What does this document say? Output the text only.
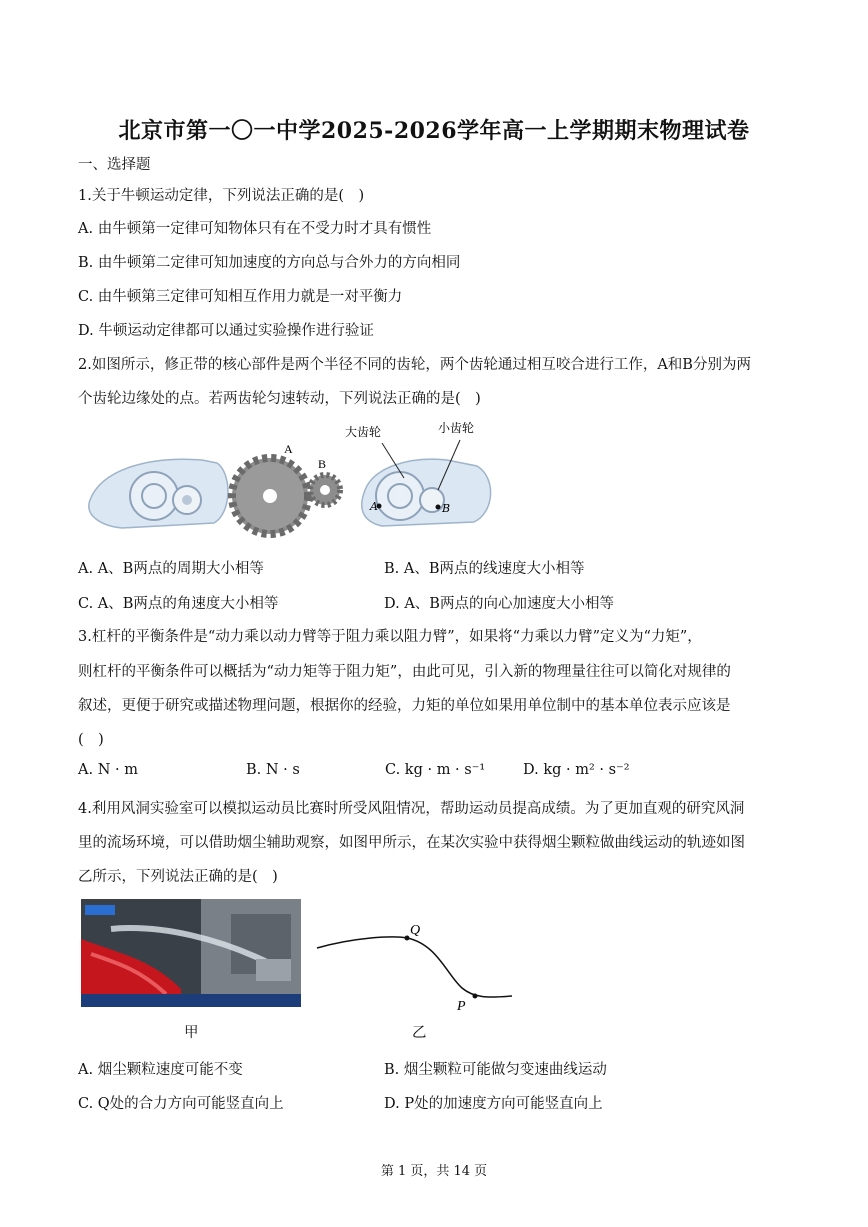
北京市第一〇一中学2025-2026学年高一上学期期末物理试卷
一、选择题
1.关于牛顿运动定律，下列说法正确的是(　)
A. 由牛顿第一定律可知物体只有在不受力时才具有惯性
B. 由牛顿第二定律可知加速度的方向总与合外力的方向相同
C. 由牛顿第三定律可知相互作用力就是一对平衡力
D. 牛顿运动定律都可以通过实验操作进行验证
2.如图所示，修正带的核心部件是两个半径不同的齿轮，两个齿轮通过相互咬合进行工作，A和B分别为两
个齿轮边缘处的点。若两齿轮匀速转动，下列说法正确的是(　)
A
B
大齿轮	小齿轮
A	B
A. A、B两点的周期大小相等	B. A、B两点的线速度大小相等
C. A、B两点的角速度大小相等	D. A、B两点的向心加速度大小相等
3.杠杆的平衡条件是“动力乘以动力臂等于阻力乘以阻力臂”，如果将“力乘以力臂”定义为“力矩”，
则杠杆的平衡条件可以概括为“动力矩等于阻力矩”，由此可见，引入新的物理量往往可以简化对规律的
叙述，更便于研究或描述物理问题，根据你的经验，力矩的单位如果用单位制中的基本单位表示应该是
(　)
A. N · m	B. N · s	C. kg · m · s⁻¹	D. kg · m² · s⁻²
4.利用风洞实验室可以模拟运动员比赛时所受风阻情况，帮助运动员提高成绩。为了更加直观的研究风洞
里的流场环境，可以借助烟尘辅助观察，如图甲所示，在某次实验中获得烟尘颗粒做曲线运动的轨迹如图
乙所示，下列说法正确的是(　)
Q
P
甲	乙
A. 烟尘颗粒速度可能不变	B. 烟尘颗粒可能做匀变速曲线运动
C. Q处的合力方向可能竖直向上	D. P处的加速度方向可能竖直向上
第 1 页，共 14 页
